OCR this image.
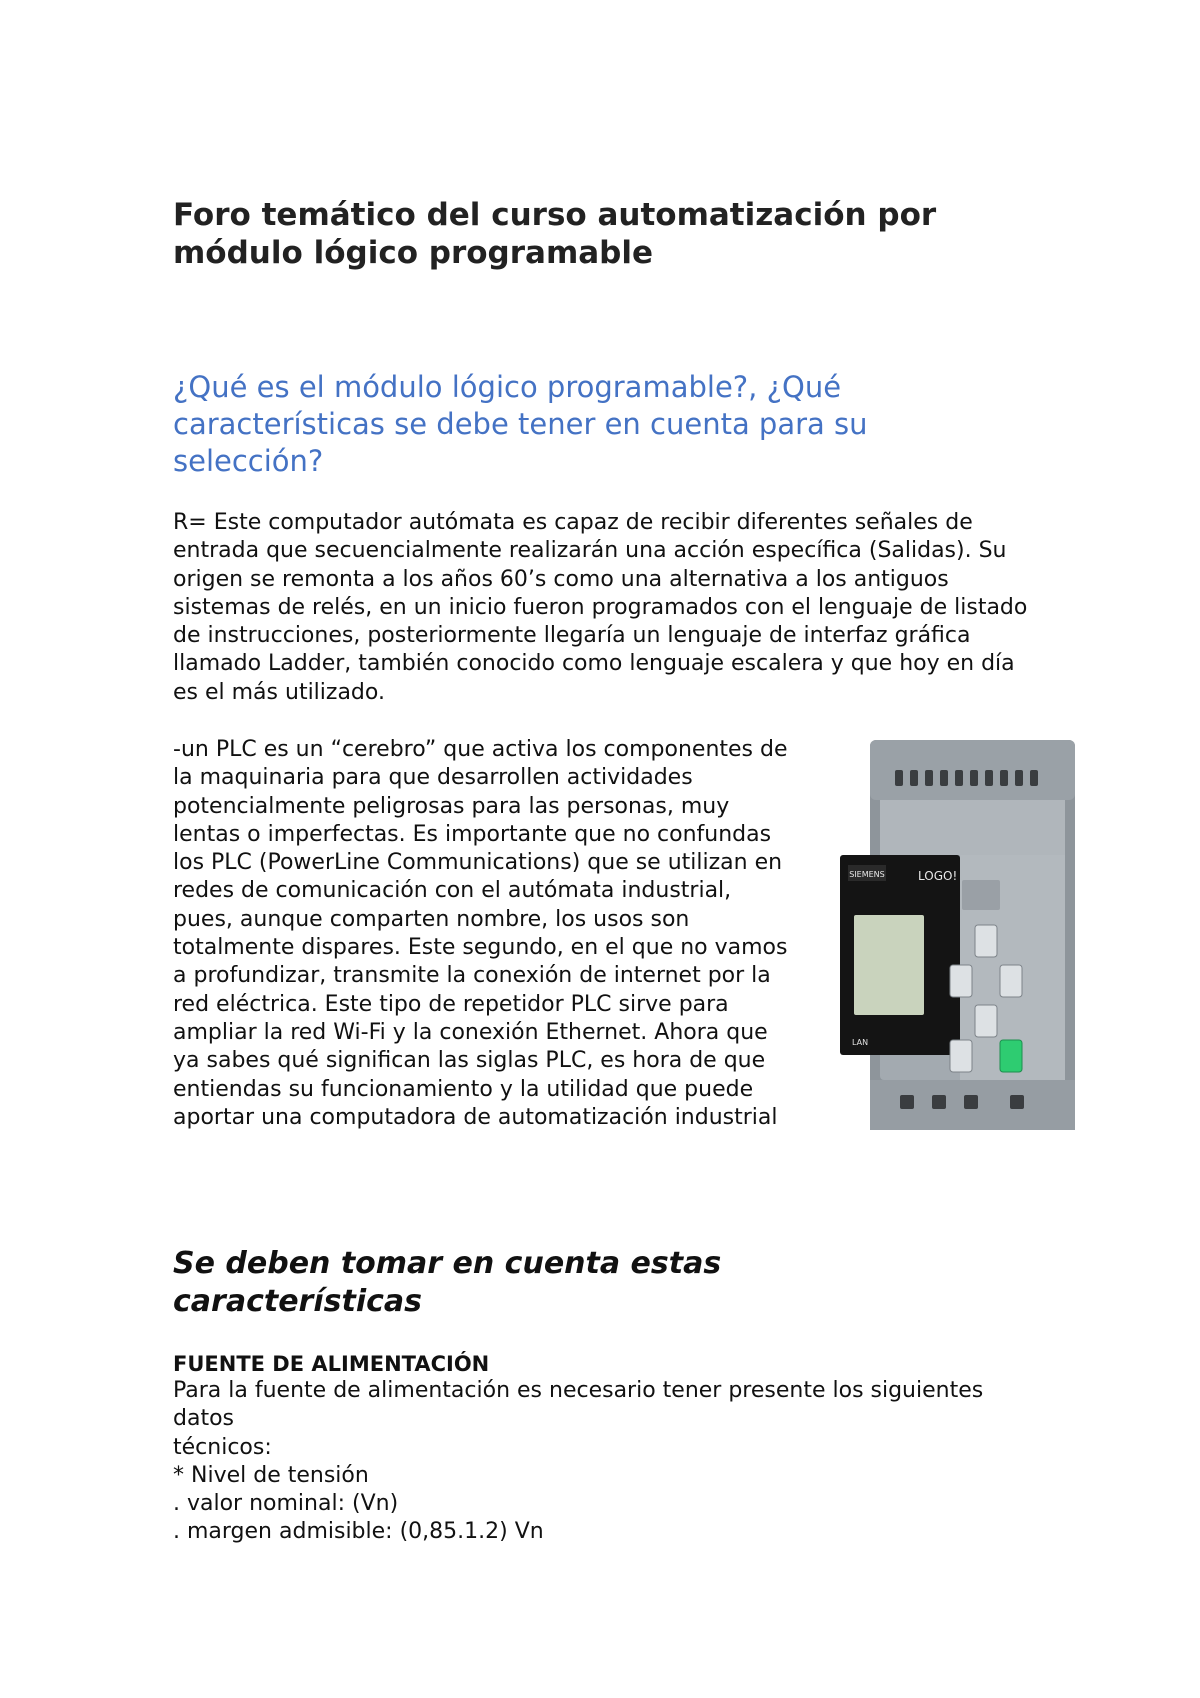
Foro temático del curso automatización por módulo lógico programable
¿Qué es el módulo lógico programable?, ¿Qué características se debe tener en cuenta para su selección?

R= Este computador autómata es capaz de recibir diferentes señales de entrada que secuencialmente realizarán una acción específica (Salidas). Su origen se remonta a los años 60’s como una alternativa a los antiguos sistemas de relés, en un inicio fueron programados con el lenguaje de listado de instrucciones, posteriormente llegaría un lenguaje de interfaz gráfica llamado Ladder, también conocido como lenguaje escalera y que hoy en día es el más utilizado.

-un PLC es un “cerebro” que activa los componentes de la maquinaria para que desarrollen actividades potencialmente peligrosas para las personas, muy lentas o imperfectas. Es importante que no confundas los PLC (PowerLine Communications) que se utilizan en redes de comunicación con el autómata industrial, pues, aunque comparten nombre, los usos son totalmente dispares. Este segundo, en el que no vamos a profundizar, transmite la conexión de internet por la red eléctrica. Este tipo de repetidor PLC sirve para ampliar la red Wi-Fi y la conexión Ethernet. Ahora que ya sabes qué significan las siglas PLC, es hora de que entiendas su funcionamiento y la utilidad que puede aportar una computadora de automatización industrial

SIEMENS	LOGO!
LAN
Se deben tomar en cuenta estas características
FUENTE DE ALIMENTACIÓN
Para la fuente de alimentación es necesario tener presente los siguientes datos
técnicos:
* Nivel de tensión
. valor nominal: (Vn)
. margen admisible: (0,85.1.2) Vn
